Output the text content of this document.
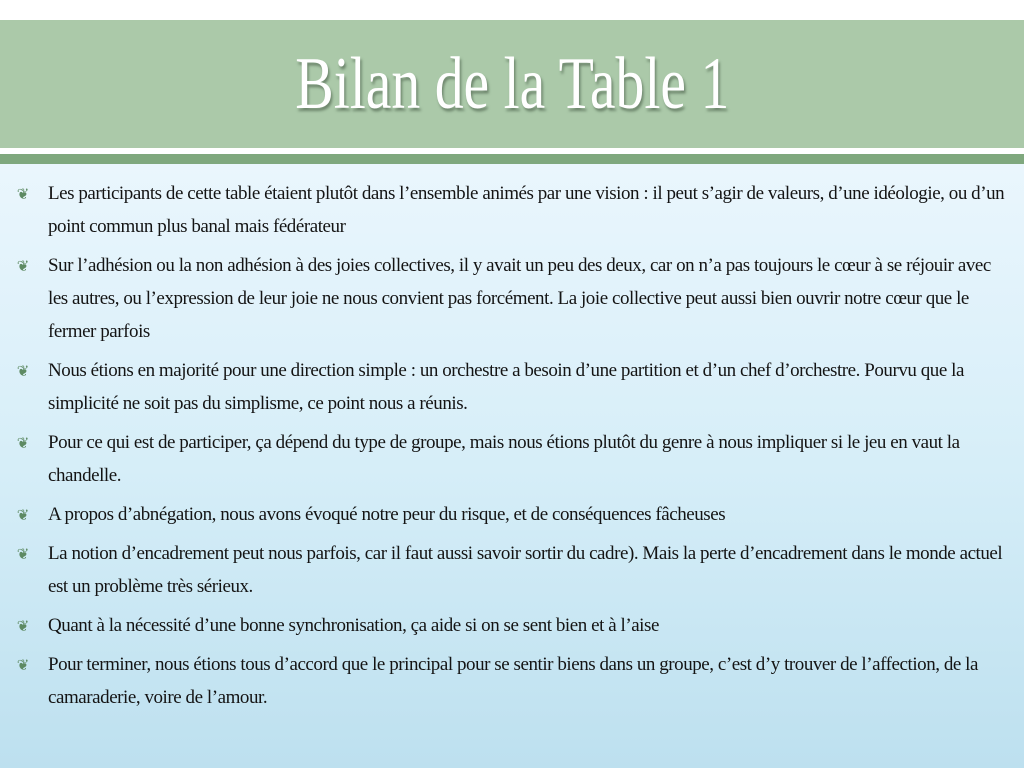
Bilan de la Table 1
❦ Les participants de cette table étaient plutôt dans l’ensemble animés par une vision : il peut s’agir de valeurs, d’une idéologie, ou d’un point commun plus banal mais fédérateur
❦ Sur l’adhésion ou la non adhésion à des joies collectives, il y avait un peu des deux, car on n’a pas toujours le cœur à se réjouir avec les autres, ou l’expression de leur joie ne nous convient pas forcément. La joie collective peut aussi bien ouvrir notre cœur que le fermer parfois
❦ Nous étions en majorité pour une direction simple : un orchestre a besoin d’une partition et d’un chef d’orchestre. Pourvu que la simplicité ne soit pas du simplisme, ce point nous a réunis.
❦ Pour ce qui est de participer, ça dépend du type de groupe, mais nous étions plutôt du genre à nous impliquer si le jeu en vaut la chandelle.
❦ A propos d’abnégation, nous avons évoqué notre peur du risque, et de conséquences fâcheuses
❦ La notion d’encadrement peut nous parfois, car il faut aussi savoir sortir du cadre). Mais la perte d’encadrement dans le monde actuel est un problème très sérieux.
❦ Quant à la nécessité d’une bonne synchronisation, ça aide si on se sent bien et à l’aise
❦ Pour terminer, nous étions tous d’accord que le principal pour se sentir biens dans un groupe, c’est d’y trouver de l’affection, de la camaraderie, voire de l’amour.
